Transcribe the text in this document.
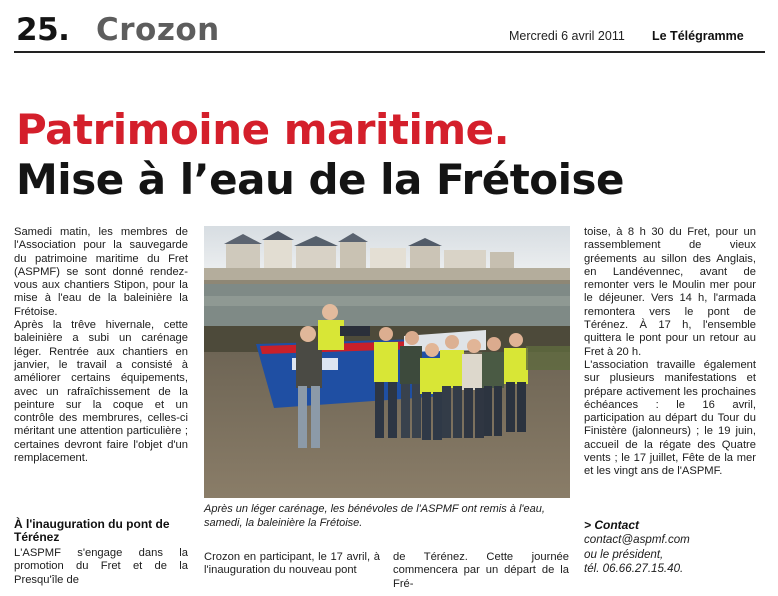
25. Crozon	Mercredi 6 avril 2011 Le Télégramme
Patrimoine maritime.
Mise à l’eau de la Frétoise

Samedi matin, les membres de l'Association pour la sauvegarde du patrimoine maritime du Fret (ASPMF) se sont donné rendez-vous aux chantiers Stipon, pour la mise à l'eau de la baleinière la Frétoise.

Après la trêve hivernale, cette baleinière a subi un carénage léger. Rentrée aux chantiers en janvier, le travail a consisté à améliorer certains équipements, avec un rafraîchissement de la peinture sur la coque et un contrôle des membrures, celles-ci méritant une attention particulière ; certaines devront faire l'objet d'un remplacement.

À l'inauguration du pont de Térénez
L'ASPMF s'engage dans la promotion du Fret et de la Presqu'île de
Après un léger carénage, les bénévoles de l'ASPMF ont remis à l'eau, samedi, la baleinière la Frétoise.
Crozon en participant, le 17 avril, à l'inauguration du nouveau pont
de Térénez. Cette journée commencera par un départ de la Fré-

toise, à 8 h 30 du Fret, pour un rassemblement de vieux gréements au sillon des Anglais, en Landévennec, avant de remonter vers le Moulin mer pour le déjeuner. Vers 14 h, l'armada remontera vers le pont de Térénez. À 17 h, l'ensemble quittera le pont pour un retour au Fret à 20 h.

L'association travaille également sur plusieurs manifestations et prépare activement les prochaines échéances : le 16 avril, participation au départ du Tour du Finistère (jalonneurs) ; le 19 juin, accueil de la régate des Quatre vents ; le 17 juillet, Fête de la mer et les vingt ans de l'ASPMF.

> Contact
contact@aspmf.com
ou le président,
tél. 06.66.27.15.40.
